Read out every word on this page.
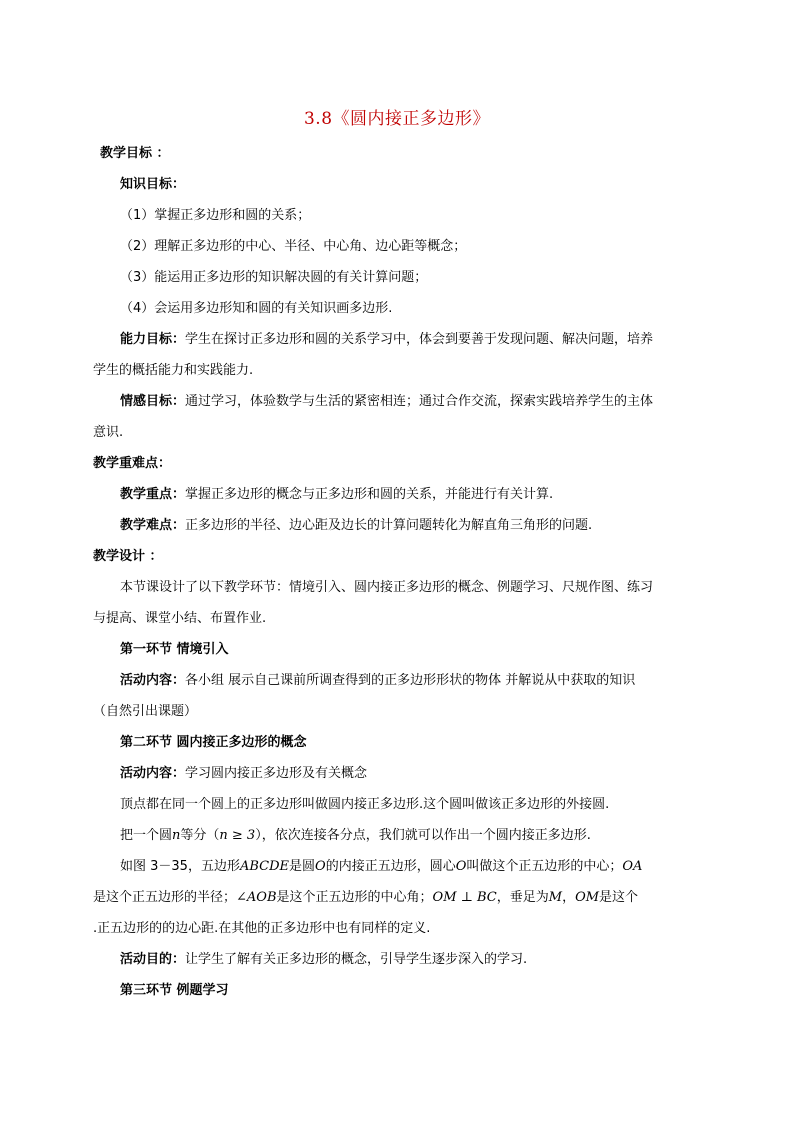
3.8《圆内接正多边形》
教学目标 ：
知识目标：
（1）掌握正多边形和圆的关系；
（2）理解正多边形的中心、半径、中心角、边心距等概念；
（3）能运用正多边形的知识解决圆的有关计算问题；
（4）会运用多边形知和圆的有关知识画多边形.
能力目标：学生在探讨正多边形和圆的关系学习中，体会到要善于发现问题、解决问题，培养
学生的概括能力和实践能力.
情感目标：通过学习，体验数学与生活的紧密相连；通过合作交流，探索实践培养学生的主体
意识.
教学重难点：
教学重点：掌握正多边形的概念与正多边形和圆的关系，并能进行有关计算.
教学难点：正多边形的半径、边心距及边长的计算问题转化为解直角三角形的问题.
教学设计 ：
本节课设计了以下教学环节：情境引入、圆内接正多边形的概念、例题学习、尺规作图、练习
与提高、课堂小结、布置作业.
第一环节 情境引入
活动内容：各小组 展示自己课前所调查得到的正多边形形状的物体 并解说从中获取的知识
（自然引出课题）
第二环节 圆内接正多边形的概念
活动内容：学习圆内接正多边形及有关概念
顶点都在同一个圆上的正多边形叫做圆内接正多边形.这个圆叫做该正多边形的外接圆.
把一个圆n等分（n ≥ 3），依次连接各分点，我们就可以作出一个圆内接正多边形.
如图 3－35，五边形ABCDE是圆O的内接正五边形，圆心O叫做这个正五边形的中心；OA
是这个正五边形的半径；∠AOB是这个正五边形的中心角；OM ⊥ BC，垂足为M，OM是这个
.正五边形的的边心距.在其他的正多边形中也有同样的定义.
活动目的：让学生了解有关正多边形的概念，引导学生逐步深入的学习.
第三环节 例题学习
